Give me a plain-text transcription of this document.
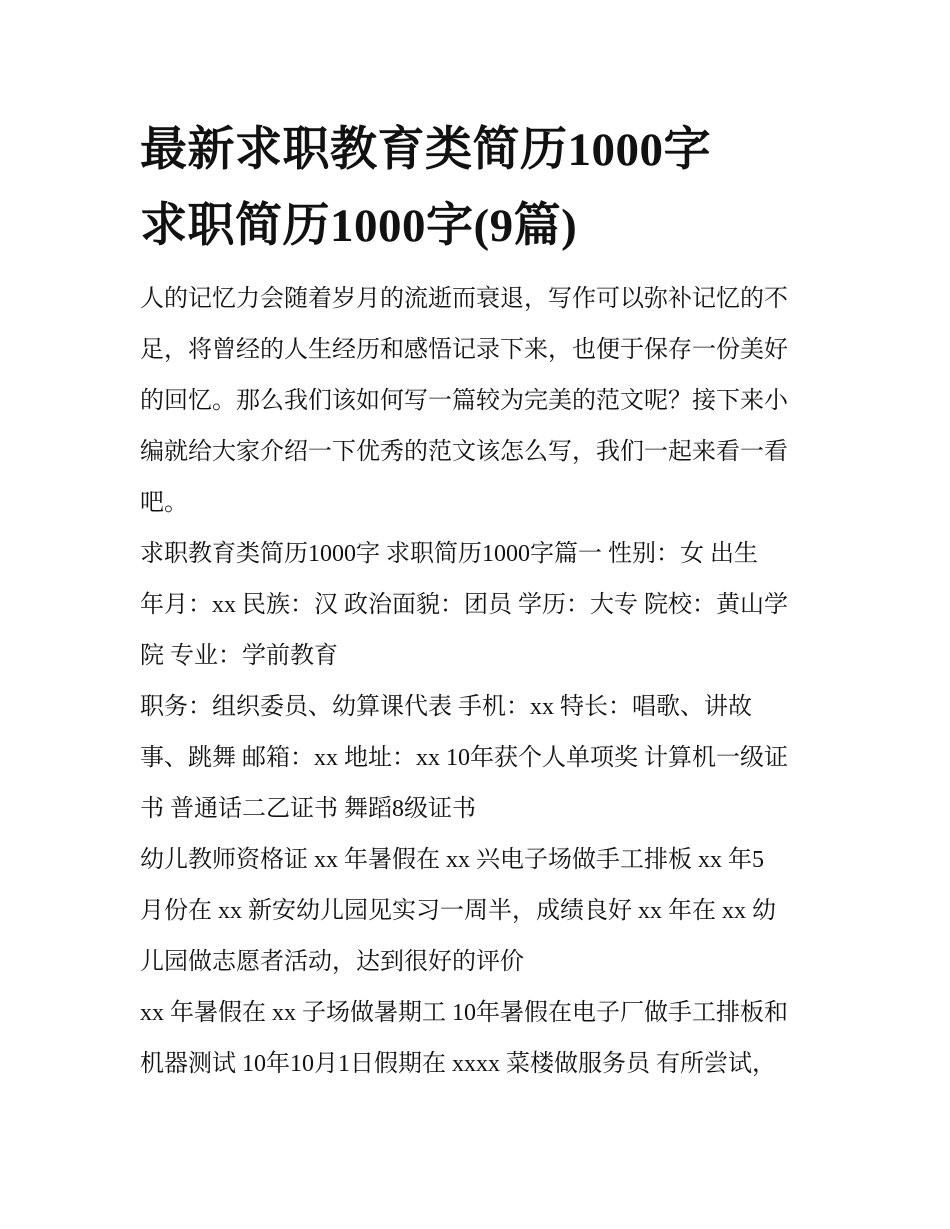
最新求职教育类简历1000字
求职简历1000字(9篇)

人的记忆力会随着岁月的流逝而衰退，写作可以弥补记忆的不
足，将曾经的人生经历和感悟记录下来，也便于保存一份美好
的回忆。那么我们该如何写一篇较为完美的范文呢？接下来小
编就给大家介绍一下优秀的范文该怎么写，我们一起来看一看
吧。

求职教育类简历1000字 求职简历1000字篇一 性别：女 出生
年月：xx 民族：汉 政治面貌：团员 学历：大专 院校：黄山学
院 专业：学前教育

职务：组织委员、幼算课代表 手机：xx 特长：唱歌、讲故
事、跳舞 邮箱：xx 地址：xx 10年获个人单项奖 计算机一级证
书 普通话二乙证书 舞蹈8级证书

幼儿教师资格证 xx 年暑假在 xx 兴电子场做手工排板 xx 年5
月份在 xx 新安幼儿园见实习一周半，成绩良好 xx 年在 xx 幼
儿园做志愿者活动，达到很好的评价

xx 年暑假在 xx 子场做暑期工 10年暑假在电子厂做手工排板和
机器测试 10年10月1日假期在 xxxx 菜楼做服务员 有所尝试，
